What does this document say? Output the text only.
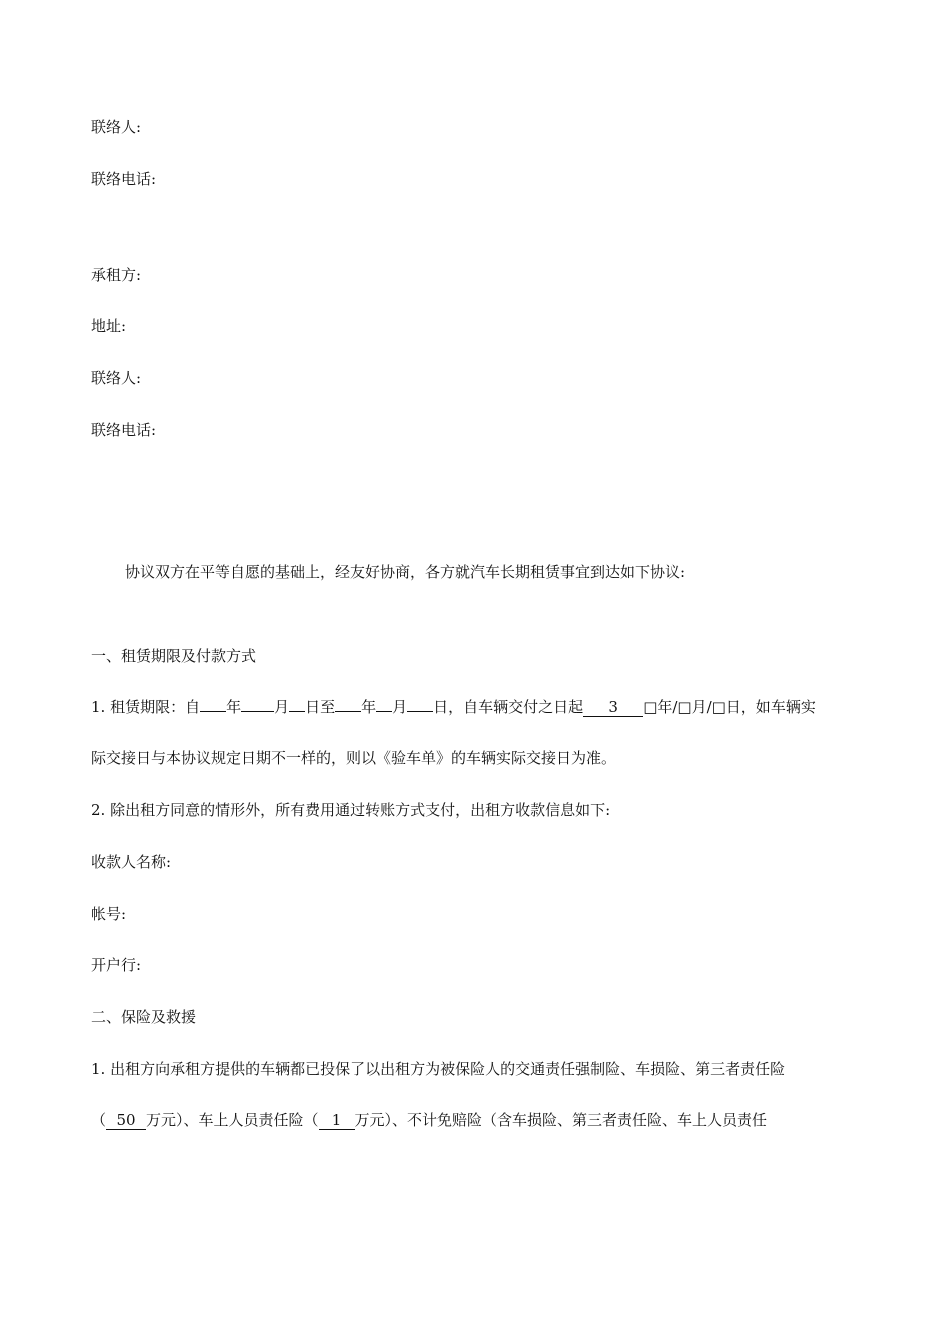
联络人:
联络电话:
承租方:
地址:
联络人:
联络电话:
协议双方在平等自愿的基础上，经友好协商，各方就汽车长期租赁事宜到达如下协议:
一、租赁期限及付款方式
1. 租赁期限：自 年 月 日至 年 月 日，自车辆交付之日起 3 □年/□月/□日，如车辆实
际交接日与本协议规定日期不一样的，则以《验车单》的车辆实际交接日为准。
2. 除出租方同意的情形外，所有费用通过转账方式支付，出租方收款信息如下:
收款人名称:
帐号:
开户行:
二、保险及救援
1. 出租方向承租方提供的车辆都已投保了以出租方为被保险人的交通责任强制险、车损险、第三者责任险
（ 50 万元）、车上人员责任险（ 1 万元）、不计免赔险（含车损险、第三者责任险、车上人员责任
